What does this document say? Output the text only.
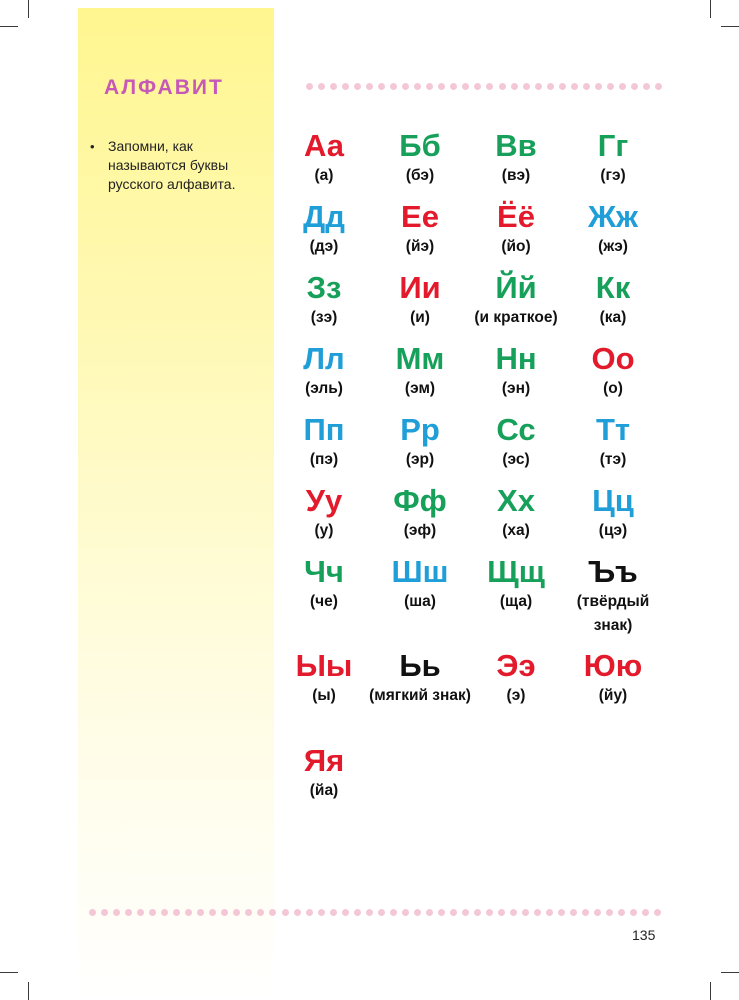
АЛФАВИТ
• Запомни, как называются буквы русского алфавита.
Аа
(а)
Бб
(бэ)
Вв
(вэ)
Гг
(гэ)
Дд
(дэ)
Ее
(йэ)
Ёё
(йо)
Жж
(жэ)
Зз
(зэ)
Ии
(и)
Йй
(и краткое)
Кк
(ка)
Лл
(эль)
Мм
(эм)
Нн
(эн)
Оо
(о)
Пп
(пэ)
Рр
(эр)
Сс
(эс)
Тт
(тэ)
Уу
(у)
Фф
(эф)
Хх
(ха)
Цц
(цэ)
Чч
(че)
Шш
(ша)
Щщ
(ща)
Ъъ
(твёрдый знак)
Ыы
(ы)
Ьь
(мягкий знак)
Ээ
(э)
Юю
(йу)
Яя
(йа)
135
